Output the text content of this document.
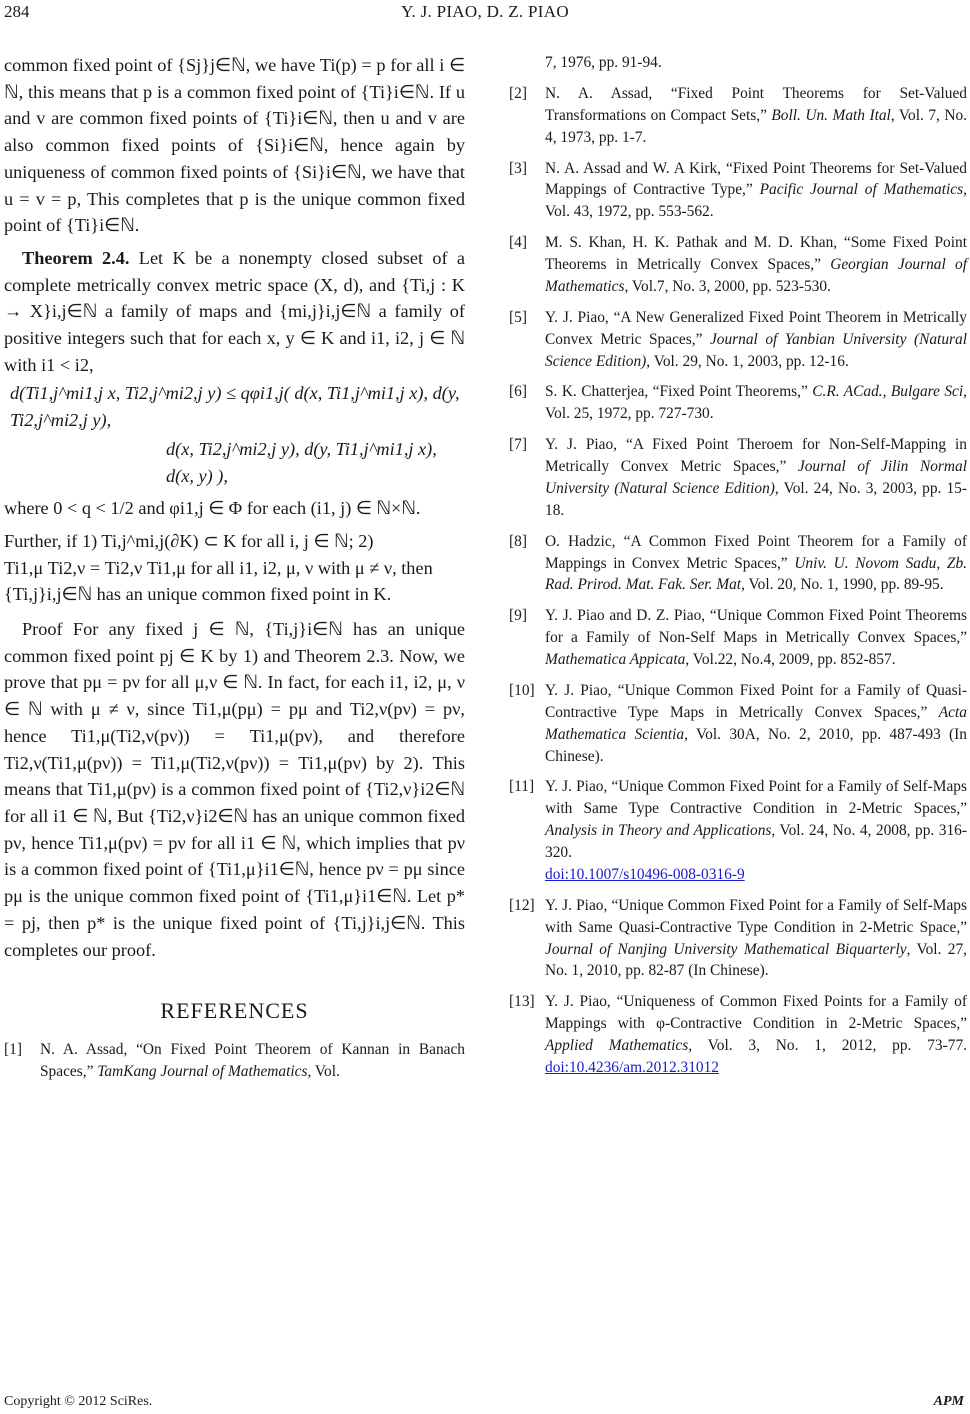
284	Y. J. PIAO, D. Z. PIAO

common fixed point of {Sj}j∈ℕ, we have Ti(p) = p for all i ∈ ℕ, this means that p is a common fixed point of {Ti}i∈ℕ. If u and v are common fixed points of {Ti}i∈ℕ, then u and v are also common fixed points of {Si}i∈ℕ, hence again by uniqueness of common fixed points of {Si}i∈ℕ, we have that u = v = p, This completes that p is the unique common fixed point of {Ti}i∈ℕ.

Theorem 2.4. Let K be a nonempty closed subset of a complete metrically convex metric space (X, d), and {Ti,j : K → X}i,j∈ℕ a family of maps and {mi,j}i,j∈ℕ a family of positive integers such that for each x, y ∈ K and i1, i2, j ∈ ℕ with i1 < i2,

d(Ti1,j^mi1,j x, Ti2,j^mi2,j y) ≤ qφi1,j( d(x, Ti1,j^mi1,j x), d(y, Ti2,j^mi2,j y),
d(x, Ti2,j^mi2,j y), d(y, Ti1,j^mi1,j x), d(x, y) ),

where 0 < q < 1/2 and φi1,j ∈ Φ for each (i1, j) ∈ ℕ×ℕ.

Further, if 1) Ti,j^mi,j(∂K) ⊂ K for all i, j ∈ ℕ; 2)

Ti1,μ Ti2,ν = Ti2,ν Ti1,μ for all i1, i2, μ, ν with μ ≠ ν, then

{Ti,j}i,j∈ℕ has an unique common fixed point in K.

Proof For any fixed j ∈ ℕ, {Ti,j}i∈ℕ has an unique common fixed point pj ∈ K by 1) and Theorem 2.3. Now, we prove that pμ = pν for all μ,ν ∈ ℕ. In fact, for each i1, i2, μ, ν ∈ ℕ with μ ≠ ν, since Ti1,μ(pμ) = pμ and Ti2,ν(pν) = pν, hence Ti1,μ(Ti2,ν(pν)) = Ti1,μ(pν), and therefore Ti2,ν(Ti1,μ(pν)) = Ti1,μ(Ti2,ν(pν)) = Ti1,μ(pν) by 2). This means that Ti1,μ(pν) is a common fixed point of {Ti2,ν}i2∈ℕ for all i1 ∈ ℕ, But {Ti2,ν}i2∈ℕ has an unique common fixed pν, hence Ti1,μ(pν) = pν for all i1 ∈ ℕ, which implies that pν is a common fixed point of {Ti1,μ}i1∈ℕ, hence pν = pμ since pμ is the unique common fixed point of {Ti1,μ}i1∈ℕ. Let p* = pj, then p* is the unique fixed point of {Ti,j}i,j∈ℕ. This completes our proof.

REFERENCES
[1]	N. A. Assad, “On Fixed Point Theorem of Kannan in Banach Spaces,” TamKang Journal of Mathematics, Vol.
7, 1976, pp. 91-94.
[2]	N. A. Assad, “Fixed Point Theorems for Set-Valued Transformations on Compact Sets,” Boll. Un. Math Ital, Vol. 7, No. 4, 1973, pp. 1-7.
[3]	N. A. Assad and W. A Kirk, “Fixed Point Theorems for Set-Valued Mappings of Contractive Type,” Pacific Journal of Mathematics, Vol. 43, 1972, pp. 553-562.
[4]	M. S. Khan, H. K. Pathak and M. D. Khan, “Some Fixed Point Theorems in Metrically Convex Spaces,” Georgian Journal of Mathematics, Vol.7, No. 3, 2000, pp. 523-530.
[5]	Y. J. Piao, “A New Generalized Fixed Point Theorem in Metrically Convex Metric Spaces,” Journal of Yanbian University (Natural Science Edition), Vol. 29, No. 1, 2003, pp. 12-16.
[6]	S. K. Chatterjea, “Fixed Point Theorems,” C.R. ACad., Bulgare Sci, Vol. 25, 1972, pp. 727-730.
[7]	Y. J. Piao, “A Fixed Point Theroem for Non-Self-Mapping in Metrically Convex Metric Spaces,” Journal of Jilin Normal University (Natural Science Edition), Vol. 24, No. 3, 2003, pp. 15-18.
[8]	O. Hadzic, “A Common Fixed Point Theorem for a Family of Mappings in Convex Metric Spaces,” Univ. U. Novom Sadu, Zb. Rad. Prirod. Mat. Fak. Ser. Mat, Vol. 20, No. 1, 1990, pp. 89-95.
[9]	Y. J. Piao and D. Z. Piao, “Unique Common Fixed Point Theorems for a Family of Non-Self Maps in Metrically Convex Spaces,” Mathematica Appicata, Vol.22, No.4, 2009, pp. 852-857.
[10] Y. J. Piao, “Unique Common Fixed Point for a Family of Quasi-Contractive Type Maps in Metrically Convex Spaces,” Acta Mathematica Scientia, Vol. 30A, No. 2, 2010, pp. 487-493 (In Chinese).
[11] Y. J. Piao, “Unique Common Fixed Point for a Family of Self-Maps with Same Type Contractive Condition in 2-Metric Spaces,” Analysis in Theory and Applications, Vol. 24, No. 4, 2008, pp. 316-320.
doi:10.1007/s10496-008-0316-9
[12] Y. J. Piao, “Unique Common Fixed Point for a Family of Self-Maps with Same Quasi-Contractive Type Condition in 2-Metric Space,” Journal of Nanjing University Mathematical Biquarterly, Vol. 27, No. 1, 2010, pp. 82-87 (In Chinese).
[13] Y. J. Piao, “Uniqueness of Common Fixed Points for a Family of Mappings with φ-Contractive Condition in 2-Metric Spaces,” Applied Mathematics, Vol. 3, No. 1, 2012, pp. 73-77. doi:10.4236/am.2012.31012
Copyright © 2012 SciRes.	APM
